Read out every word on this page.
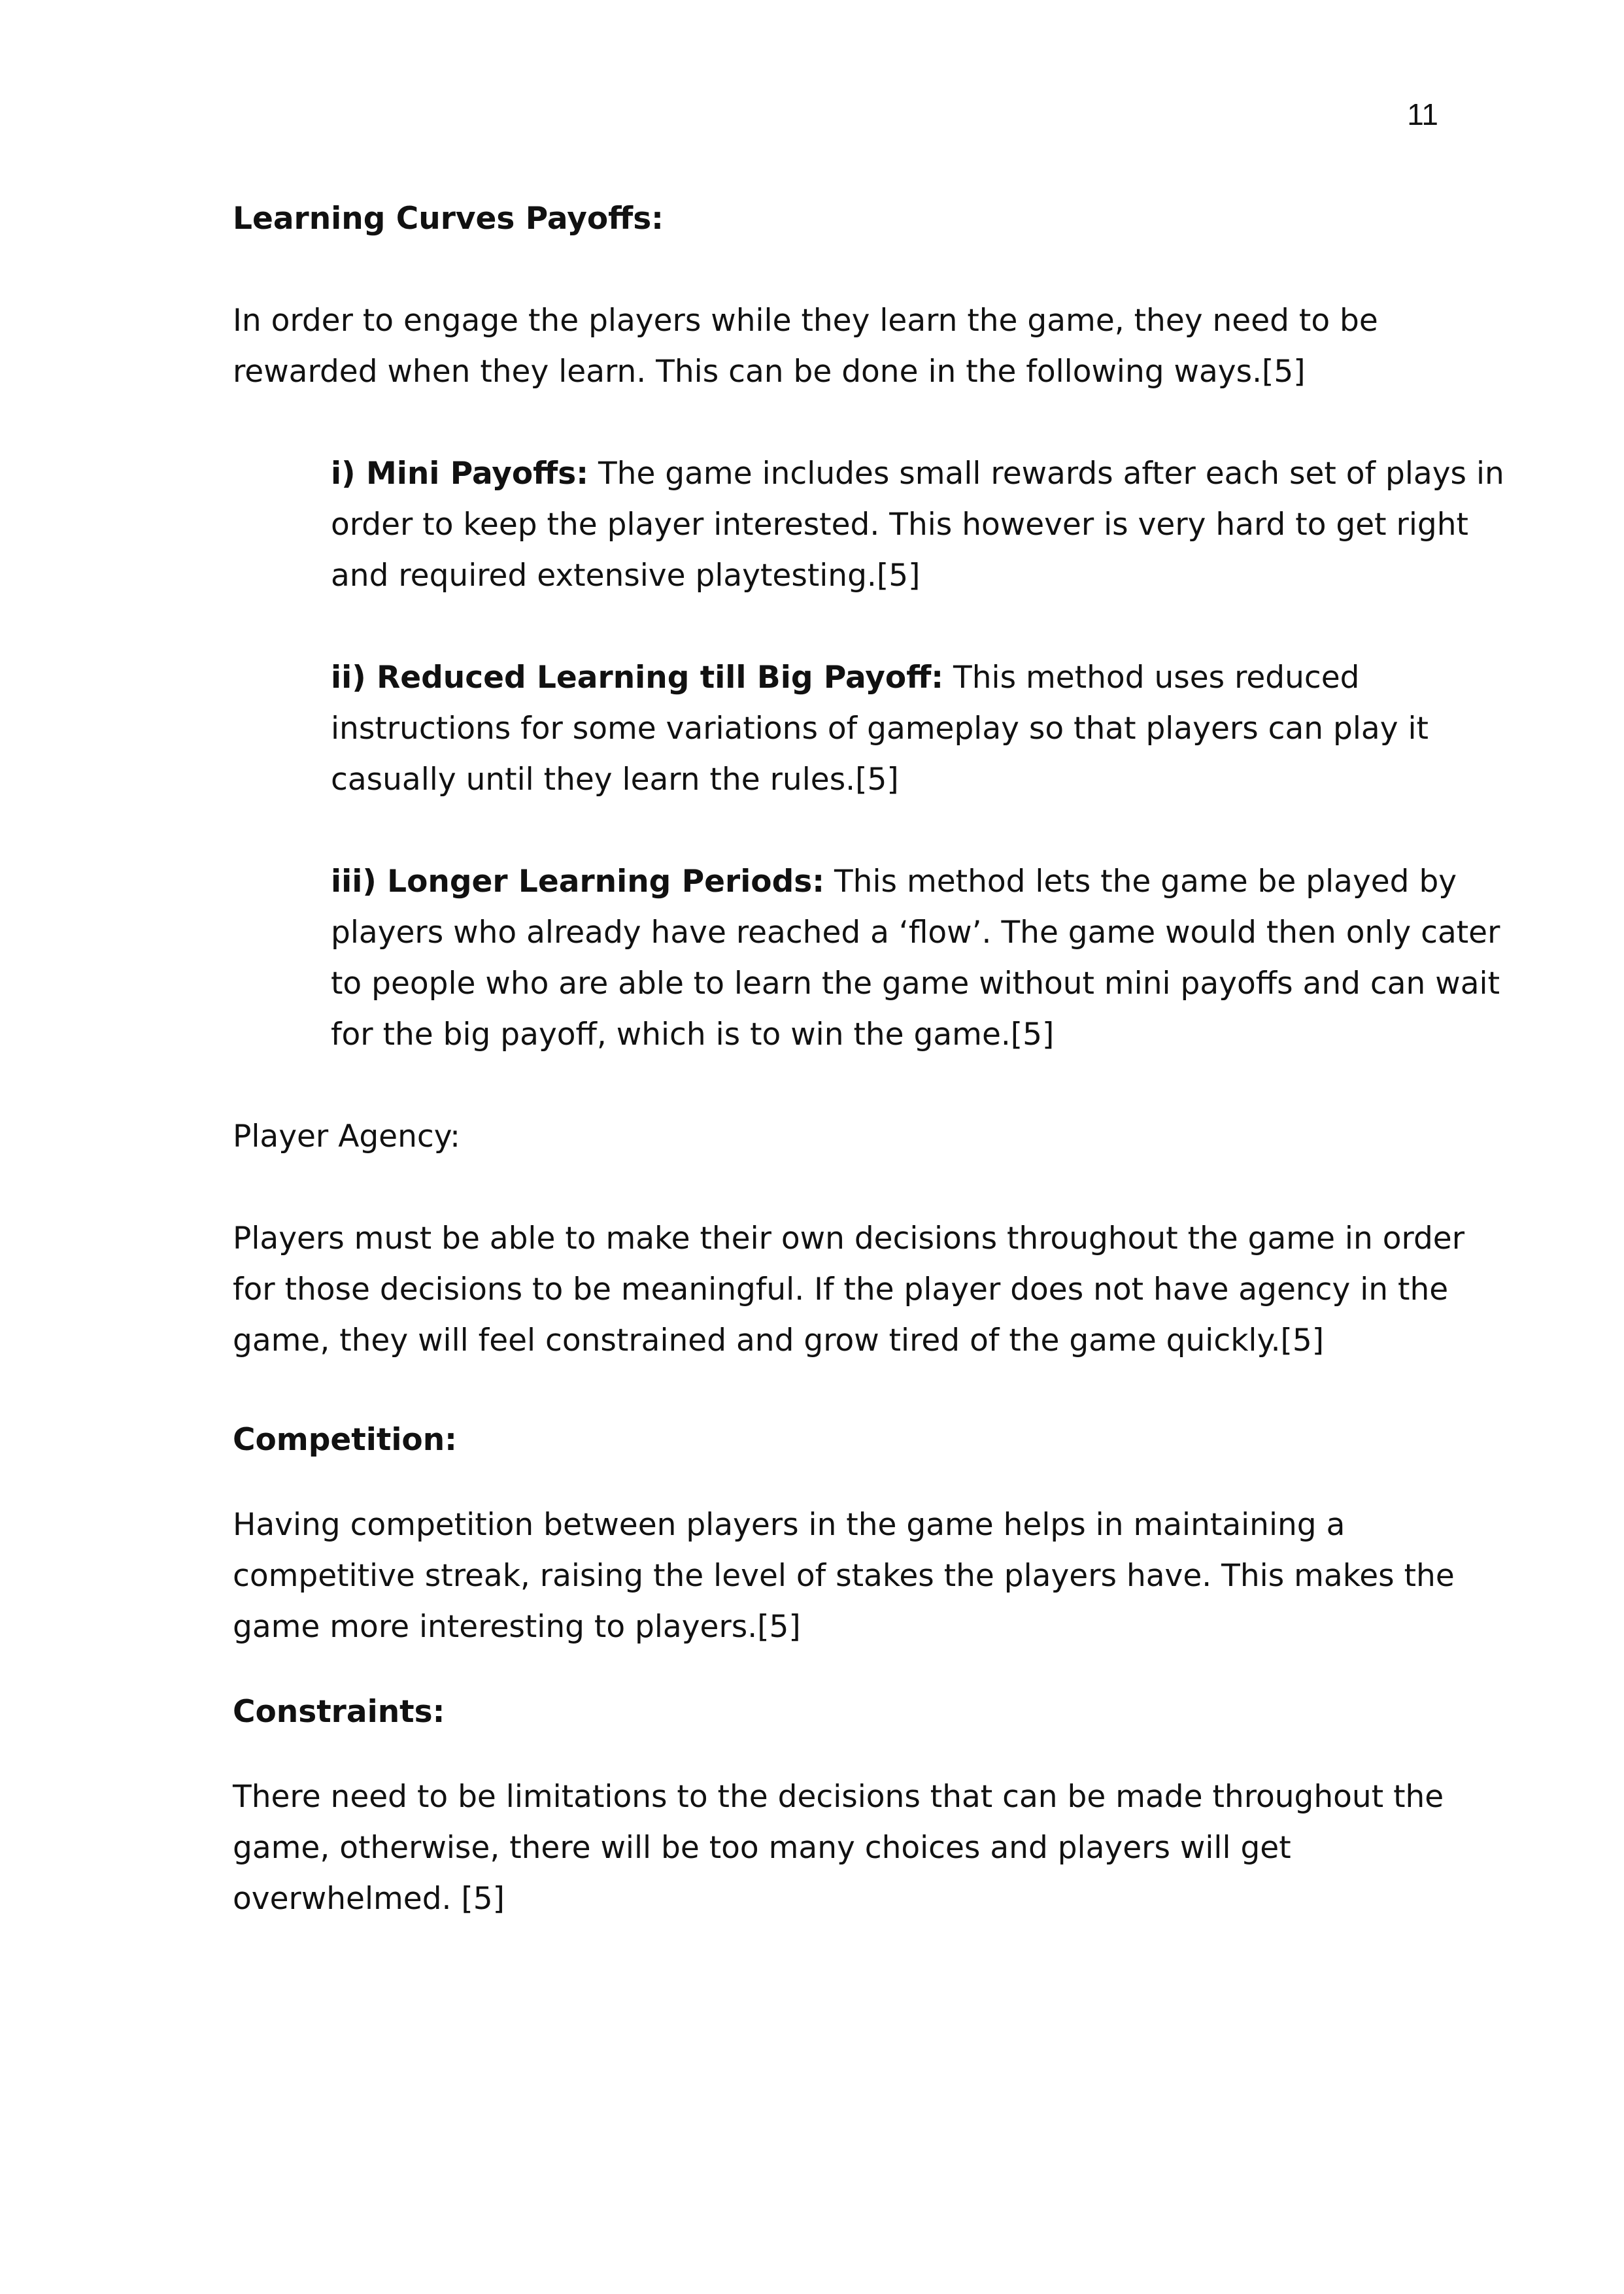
11

Learning Curves Payoffs:

In order to engage the players while they learn the game, they need to be rewarded when they learn. This can be done in the following ways.[5]

i) Mini Payoffs: The game includes small rewards after each set of plays in order to keep the player interested. This however is very hard to get right and required extensive playtesting.[5]

ii) Reduced Learning till Big Payoff: This method uses reduced instructions for some variations of gameplay so that players can play it casually until they learn the rules.[5]

iii) Longer Learning Periods: This method lets the game be played by players who already have reached a ‘flow’. The game would then only cater to people who are able to learn the game without mini payoffs and can wait for the big payoff, which is to win the game.[5]

Player Agency:

Players must be able to make their own decisions throughout the game in order for those decisions to be meaningful. If the player does not have agency in the game, they will feel constrained and grow tired of the game quickly.[5]

Competition:

Having competition between players in the game helps in maintaining a competitive streak, raising the level of stakes the players have. This makes the game more interesting to players.[5]

Constraints:

There need to be limitations to the decisions that can be made throughout the game, otherwise, there will be too many choices and players will get overwhelmed. [5]
